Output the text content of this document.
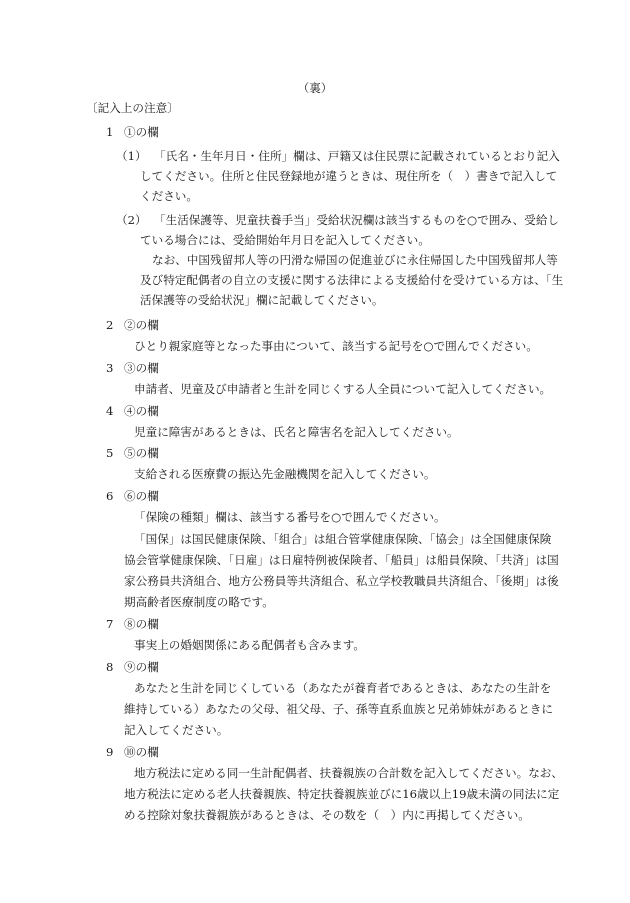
（裏）
〔記入上の注意〕
1 ①の欄
（1） 「氏名・生年月日・住所」欄は、戸籍又は住民票に記載されているとおり記入
してください。住所と住民登録地が違うときは、現住所を（　）書きで記入して
ください。
（2） 「生活保護等、児童扶養手当」受給状況欄は該当するものを○で囲み、受給し
ている場合には、受給開始年月日を記入してください。
なお、中国残留邦人等の円滑な帰国の促進並びに永住帰国した中国残留邦人等
及び特定配偶者の自立の支援に関する法律による支援給付を受けている方は、「生
活保護等の受給状況」欄に記載してください。
2 ②の欄
ひとり親家庭等となった事由について、該当する記号を○で囲んでください。
3 ③の欄
申請者、児童及び申請者と生計を同じくする人全員について記入してください。
4 ④の欄
児童に障害があるときは、氏名と障害名を記入してください。
5 ⑤の欄
支給される医療費の振込先金融機関を記入してください。
6 ⑥の欄
「保険の種類」欄は、該当する番号を○で囲んでください。
「国保」は国民健康保険、「組合」は組合管掌健康保険、「協会」は全国健康保険
協会管掌健康保険、「日雇」は日雇特例被保険者、「船員」は船員保険、「共済」は国
家公務員共済組合、地方公務員等共済組合、私立学校教職員共済組合、「後期」は後
期高齢者医療制度の略です。
7 ⑧の欄
事実上の婚姻関係にある配偶者も含みます。
8 ⑨の欄
あなたと生計を同じくしている（あなたが養育者であるときは、あなたの生計を
維持している）あなたの父母、祖父母、子、孫等直系血族と兄弟姉妹があるときに
記入してください。
9 ⑩の欄
地方税法に定める同一生計配偶者、扶養親族の合計数を記入してください。なお、
地方税法に定める老人扶養親族、特定扶養親族並びに16歳以上19歳未満の同法に定
める控除対象扶養親族があるときは、その数を（　）内に再掲してください。
